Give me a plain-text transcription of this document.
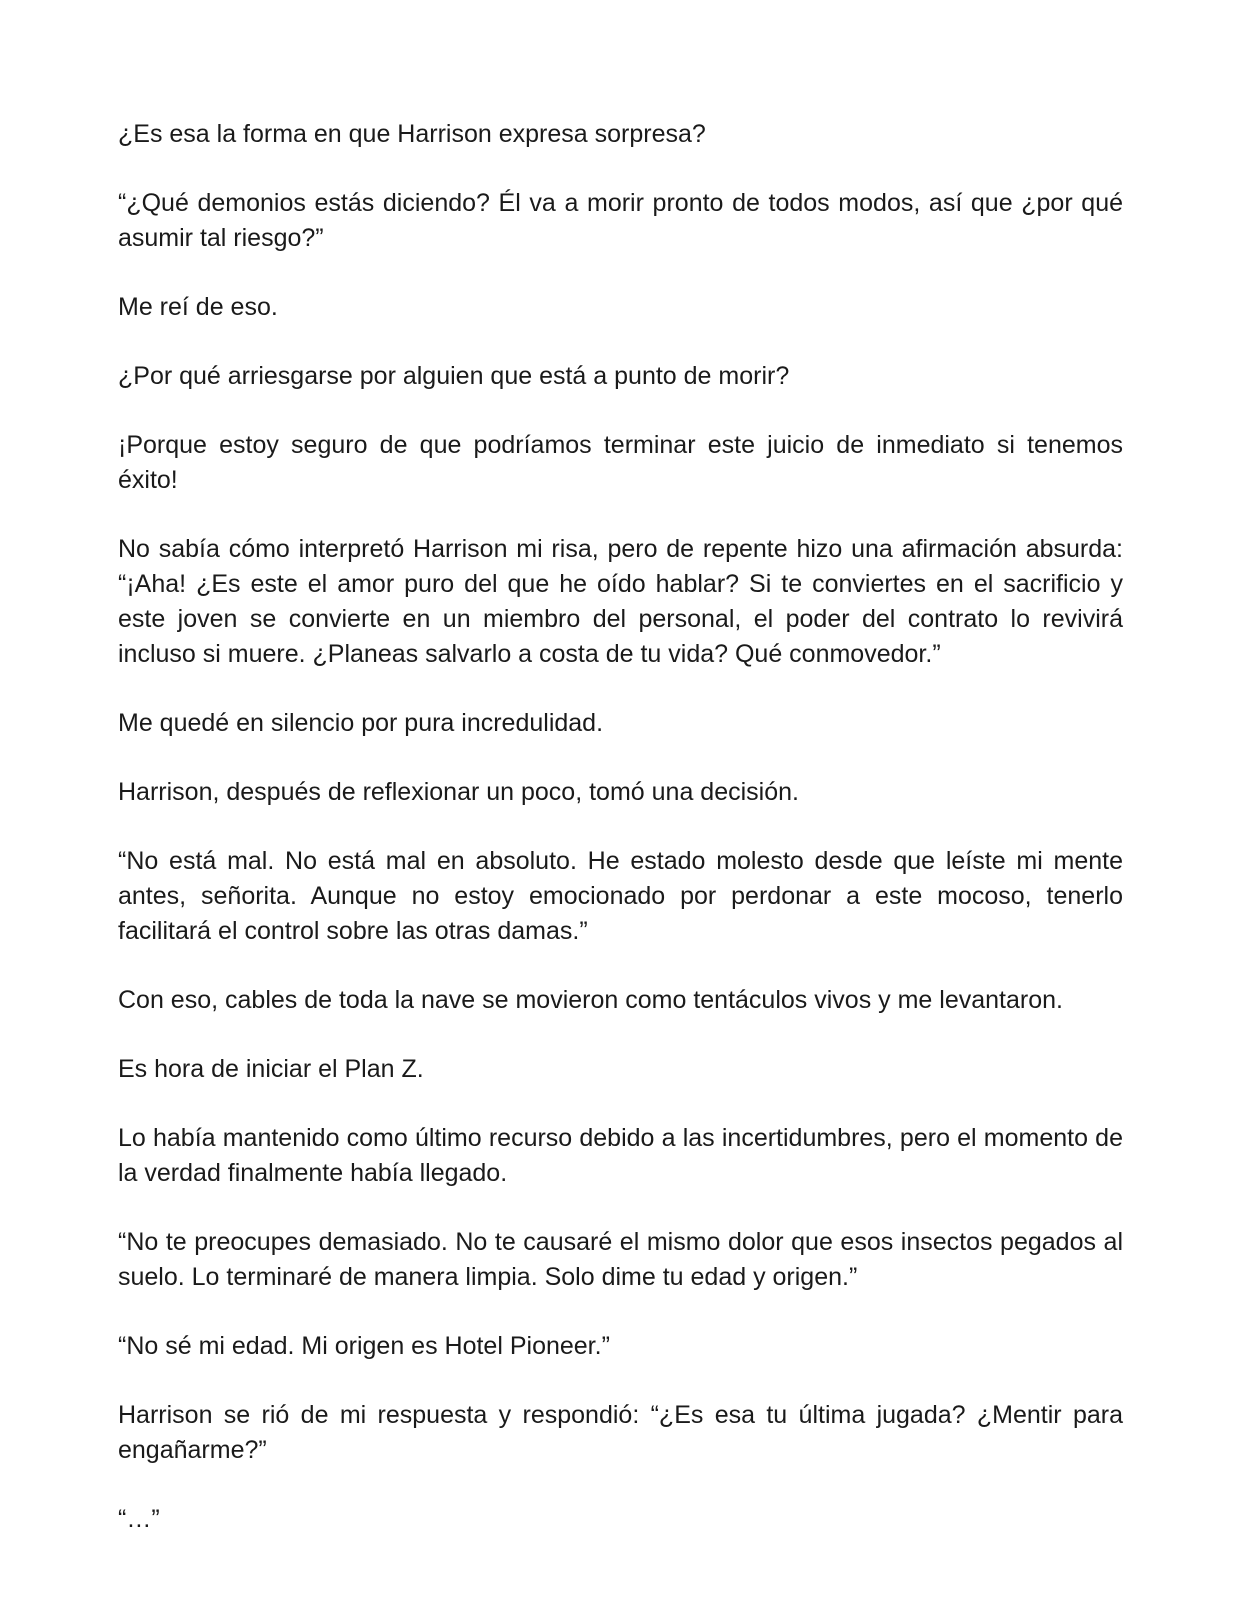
¿Es esa la forma en que Harrison expresa sorpresa?

“¿Qué demonios estás diciendo? Él va a morir pronto de todos modos, así que ¿por qué asumir tal riesgo?”

Me reí de eso.

¿Por qué arriesgarse por alguien que está a punto de morir?

¡Porque estoy seguro de que podríamos terminar este juicio de inmediato si tenemos éxito!

No sabía cómo interpretó Harrison mi risa, pero de repente hizo una afirmación absurda: “¡Aha! ¿Es este el amor puro del que he oído hablar? Si te conviertes en el sacrificio y este joven se convierte en un miembro del personal, el poder del contrato lo revivirá incluso si muere. ¿Planeas salvarlo a costa de tu vida? Qué conmovedor.”

Me quedé en silencio por pura incredulidad.

Harrison, después de reflexionar un poco, tomó una decisión.

“No está mal. No está mal en absoluto. He estado molesto desde que leíste mi mente antes, señorita. Aunque no estoy emocionado por perdonar a este mocoso, tenerlo facilitará el control sobre las otras damas.”

Con eso, cables de toda la nave se movieron como tentáculos vivos y me levantaron.

Es hora de iniciar el Plan Z.

Lo había mantenido como último recurso debido a las incertidumbres, pero el momento de la verdad finalmente había llegado.

“No te preocupes demasiado. No te causaré el mismo dolor que esos insectos pegados al suelo. Lo terminaré de manera limpia. Solo dime tu edad y origen.”

“No sé mi edad. Mi origen es Hotel Pioneer.”

Harrison se rió de mi respuesta y respondió: “¿Es esa tu última jugada? ¿Mentir para engañarme?”

“…”
